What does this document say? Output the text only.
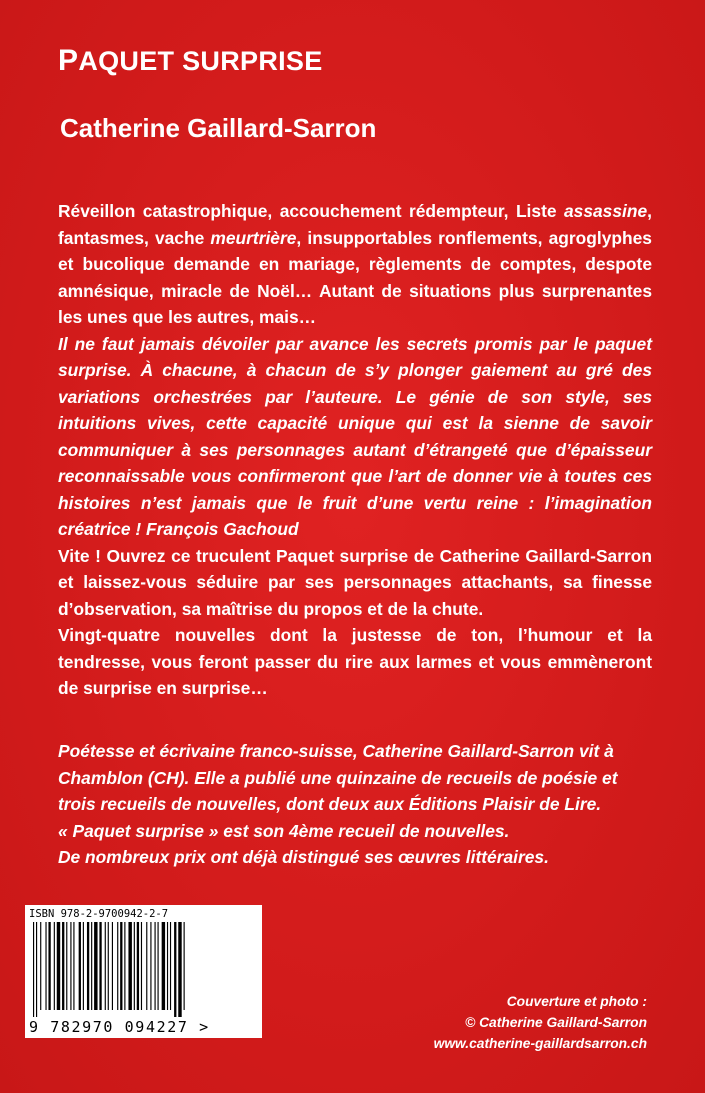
PAQUET SURPRISE
Catherine Gaillard-Sarron

Réveillon catastrophique, accouchement rédempteur, Liste assassine, fantasmes, vache meurtrière, insupportables ronflements, agroglyphes et bucolique demande en mariage, règlements de comptes, despote amnésique, miracle de Noël… Autant de situations plus surprenantes les unes que les autres, mais…

Il ne faut jamais dévoiler par avance les secrets promis par le paquet surprise. À chacune, à chacun de s’y plonger gaiement au gré des variations orchestrées par l’auteure. Le génie de son style, ses intuitions vives, cette capacité unique qui est la sienne de savoir communiquer à ses personnages autant d’étrangeté que d’épaisseur reconnaissable vous confirmeront que l’art de donner vie à toutes ces histoires n’est jamais que le fruit d’une vertu reine : l’imagination créatrice ! François Gachoud

Vite ! Ouvrez ce truculent Paquet surprise de Catherine Gaillard-Sarron et laissez-vous séduire par ses personnages attachants, sa finesse d’observation, sa maîtrise du propos et de la chute.

Vingt-quatre nouvelles dont la justesse de ton, l’humour et la tendresse, vous feront passer du rire aux larmes et vous emmèneront de surprise en surprise…

Poétesse et écrivaine franco-suisse, Catherine Gaillard-Sarron vit à

Chamblon (CH). Elle a publié une quinzaine de recueils de poésie et

trois recueils de nouvelles, dont deux aux Éditions Plaisir de Lire.

« Paquet surprise » est son 4ème recueil de nouvelles.

De nombreux prix ont déjà distingué ses œuvres littéraires.

ISBN 978-2-9700942-2-7
9 782970 094227 >
Couverture et photo :
© Catherine Gaillard-Sarron
www.catherine-gaillardsarron.ch
